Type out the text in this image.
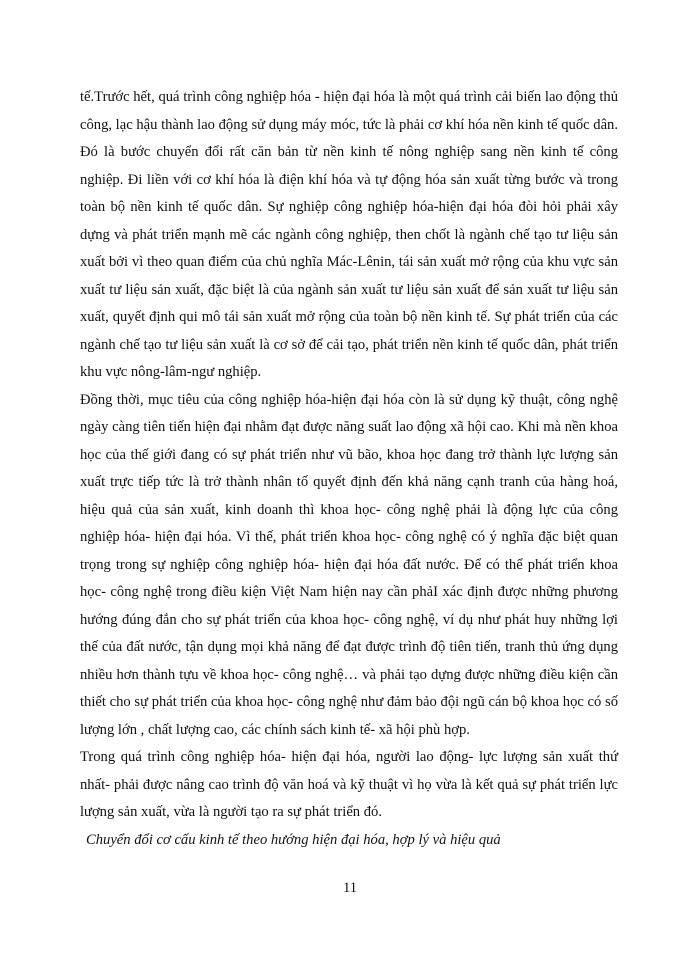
tế.Trước hết, quá trình công nghiệp hóa - hiện đại hóa là một quá trình cải biến lao động thủ công, lạc hậu thành lao động sử dụng máy móc, tức là phải cơ khí hóa nền kinh tế quốc dân. Đó là bước chuyển đổi rất căn bản từ nền kinh tế nông nghiệp sang nền kinh tế công nghiệp. Đi liền với cơ khí hóa là điện khí hóa và tự động hóa sản xuất từng bước và trong toàn bộ nền kinh tế quốc dân. Sự nghiệp công nghiệp hóa-hiện đại hóa đòi hỏi phải xây dựng và phát triển mạnh mẽ các ngành công nghiệp, then chốt là ngành chế tạo tư liệu sản xuất bởi vì theo quan điểm của chủ nghĩa Mác-Lênin, tái sản xuất mở rộng của khu vực sản xuất tư liệu sản xuất, đặc biệt là của ngành sản xuất tư liệu sản xuất để sản xuất tư liệu sản xuất, quyết định qui mô tái sản xuất mở rộng của toàn bộ nền kinh tế. Sự phát triển của các ngành chế tạo tư liệu sản xuất là cơ sở để cải tạo, phát triển nền kinh tế quốc dân, phát triển khu vực nông-lâm-ngư nghiệp.

Đồng thời, mục tiêu của công nghiệp hóa-hiện đại hóa còn là sử dụng kỹ thuật, công nghệ ngày càng tiên tiến hiện đại nhằm đạt được năng suất lao động xã hội cao. Khi mà nền khoa học của thế giới đang có sự phát triển như vũ bão, khoa học đang trở thành lực lượng sản xuất trực tiếp tức là trở thành nhân tố quyết định đến khả năng cạnh tranh của hàng hoá, hiệu quả của sản xuất, kinh doanh thì khoa học- công nghệ phải là động lực của công nghiệp hóa- hiện đại hóa. Vì thế, phát triển khoa học- công nghệ có ý nghĩa đặc biệt quan trọng trong sự nghiệp công nghiệp hóa- hiện đại hóa đất nước. Để có thể phát triển khoa học- công nghệ trong điều kiện Việt Nam hiện nay cần phảI xác định được những phương hướng đúng đắn cho sự phát triển của khoa học- công nghệ, ví dụ như phát huy những lợi thế của đất nước, tận dụng mọi khả năng để đạt được trình độ tiên tiến, tranh thủ ứng dụng nhiều hơn thành tựu về khoa học- công nghệ… và phải tạo dựng được những điều kiện cần thiết cho sự phát triển của khoa học- công nghệ như đảm bảo đội ngũ cán bộ khoa học có số lượng lớn , chất lượng cao, các chính sách kinh tế- xã hội phù hợp.

Trong quá trình công nghiệp hóa- hiện đại hóa, người lao động- lực lượng sản xuất thứ nhất- phải được nâng cao trình độ văn hoá và kỹ thuật vì họ vừa là kết quả sự phát triển lực lượng sản xuất, vừa là người tạo ra sự phát triển đó.

Chuyển đổi cơ cấu kinh tế theo hướng hiện đại hóa, hợp lý và hiệu quả

11
